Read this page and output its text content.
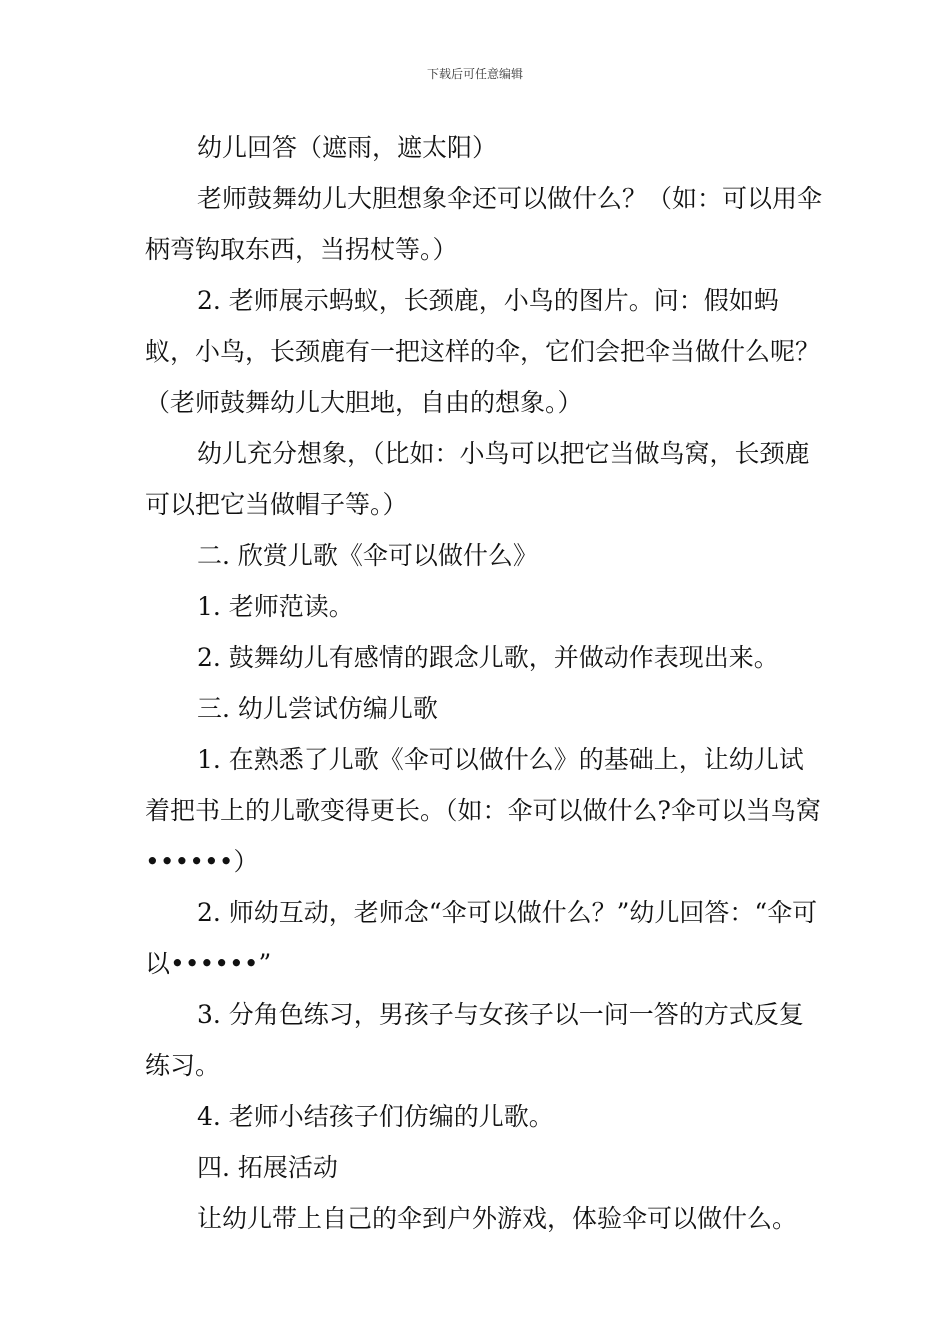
下载后可任意编辑

幼儿回答（遮雨，遮太阳）

老师鼓舞幼儿大胆想象伞还可以做什么？（如：可以用伞柄弯钩取东西，当拐杖等。）

2. 老师展示蚂蚁，长颈鹿，小鸟的图片。问：假如蚂蚁，小鸟，长颈鹿有一把这样的伞，它们会把伞当做什么呢？（老师鼓舞幼儿大胆地，自由的想象。）

幼儿充分想象，（比如：小鸟可以把它当做鸟窝，长颈鹿可以把它当做帽子等。）

二. 欣赏儿歌《伞可以做什么》

1. 老师范读。

2. 鼓舞幼儿有感情的跟念儿歌，并做动作表现出来。

三. 幼儿尝试仿编儿歌

1. 在熟悉了儿歌《伞可以做什么》的基础上，让幼儿试着把书上的儿歌变得更长。（如：伞可以做什么?伞可以当鸟窝••••••）

2. 师幼互动，老师念“伞可以做什么？”幼儿回答：“伞可以••••••”

3. 分角色练习，男孩子与女孩子以一问一答的方式反复练习。

4. 老师小结孩子们仿编的儿歌。

四. 拓展活动

让幼儿带上自己的伞到户外游戏，体验伞可以做什么。
